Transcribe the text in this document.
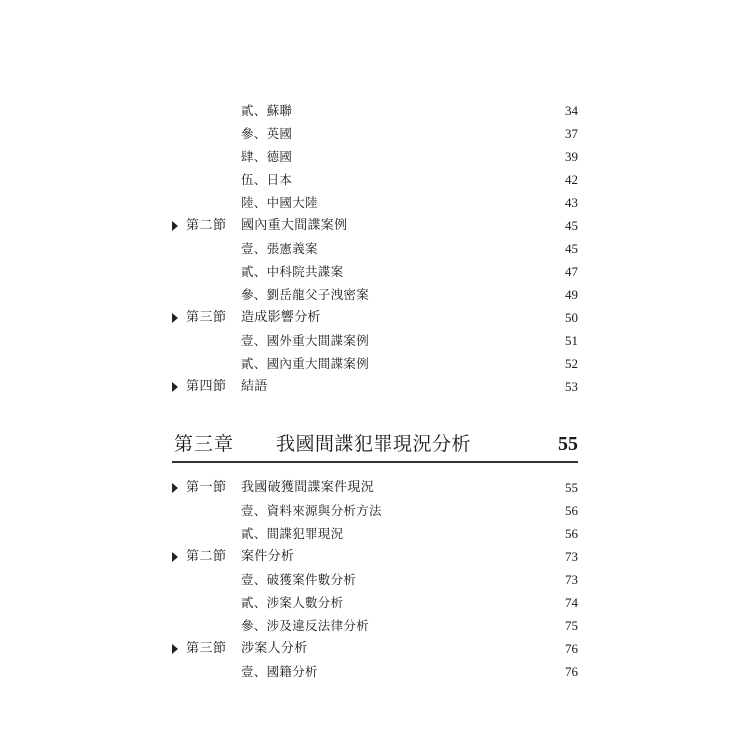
貳、蘇聯	34
參、英國	37
肆、德國	39
伍、日本	42
陸、中國大陸	43
第二節 國內重大間諜案例	45
壹、張憲義案	45
貳、中科院共諜案	47
參、劉岳龍父子洩密案	49
第三節 造成影響分析	50
壹、國外重大間諜案例	51
貳、國內重大間諜案例	52
第四節 結語	53
第三章 我國間諜犯罪現況分析	55
第一節 我國破獲間諜案件現況	55
壹、資料來源與分析方法	56
貳、間諜犯罪現況	56
第二節 案件分析	73
壹、破獲案件數分析	73
貳、涉案人數分析	74
參、涉及違反法律分析	75
第三節 涉案人分析	76
壹、國籍分析	76
